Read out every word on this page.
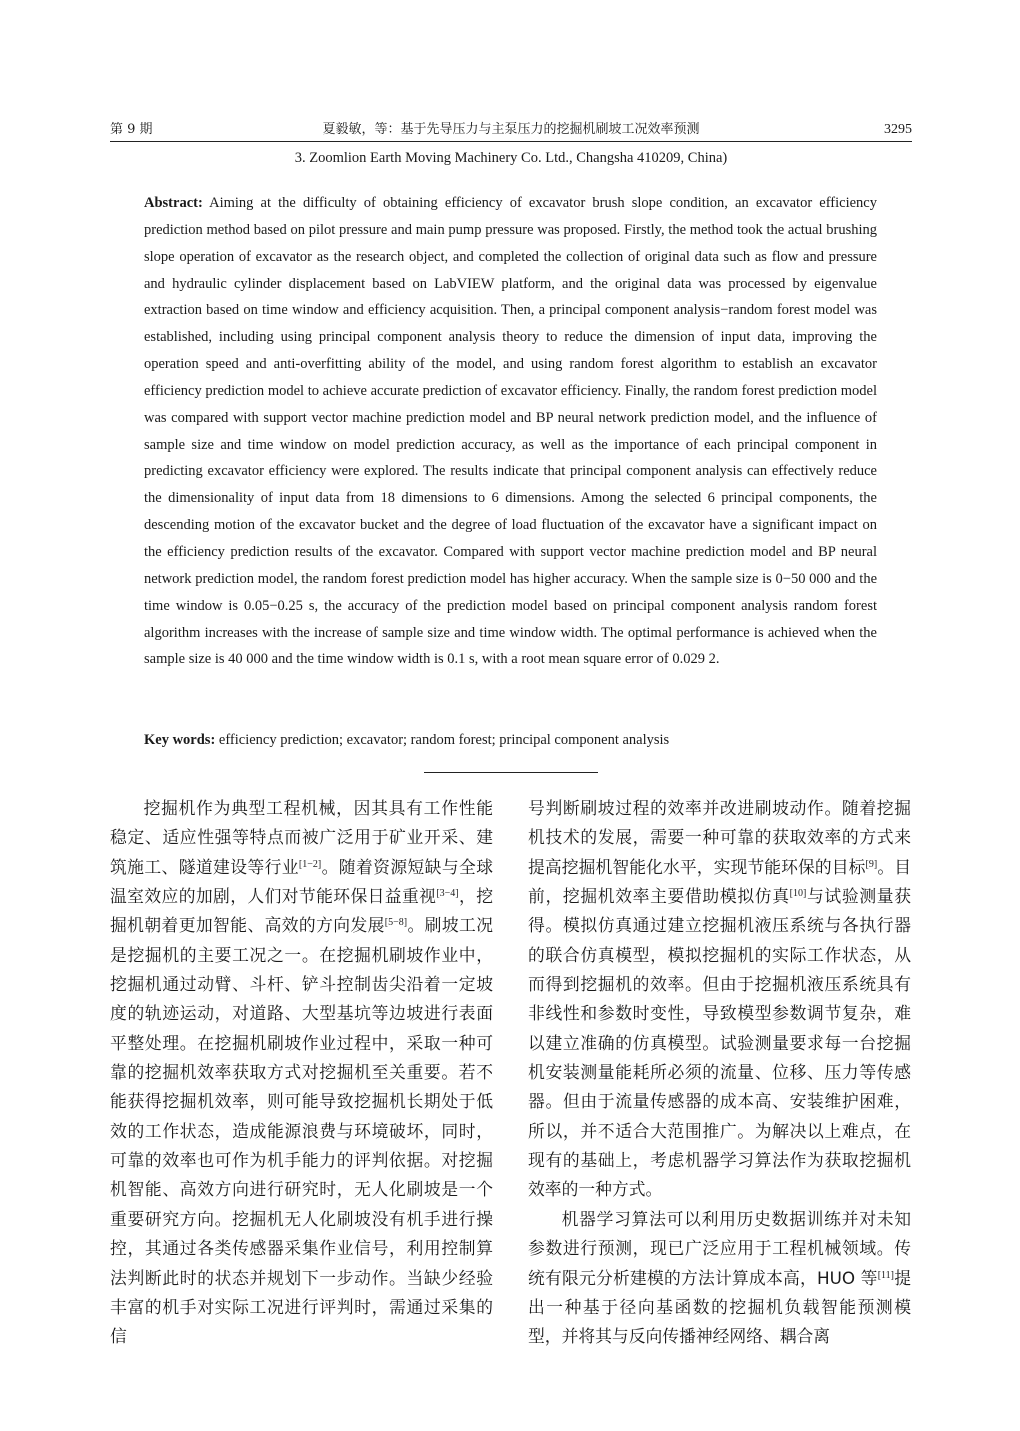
第 9 期	夏毅敏，等：基于先导压力与主泵压力的挖掘机刷坡工况效率预测	3295
3. Zoomlion Earth Moving Machinery Co. Ltd., Changsha 410209, China)

Abstract: Aiming at the difficulty of obtaining efficiency of excavator brush slope condition, an excavator efficiency prediction method based on pilot pressure and main pump pressure was proposed. Firstly, the method took the actual brushing slope operation of excavator as the research object, and completed the collection of original data such as flow and pressure and hydraulic cylinder displacement based on LabVIEW platform, and the original data was processed by eigenvalue extraction based on time window and efficiency acquisition. Then, a principal component analysis−random forest model was established, including using principal component analysis theory to reduce the dimension of input data, improving the operation speed and anti-overfitting ability of the model, and using random forest algorithm to establish an excavator efficiency prediction model to achieve accurate prediction of excavator efficiency. Finally, the random forest prediction model was compared with support vector machine prediction model and BP neural network prediction model, and the influence of sample size and time window on model prediction accuracy, as well as the importance of each principal component in predicting excavator efficiency were explored. The results indicate that principal component analysis can effectively reduce the dimensionality of input data from 18 dimensions to 6 dimensions. Among the selected 6 principal components, the descending motion of the excavator bucket and the degree of load fluctuation of the excavator have a significant impact on the efficiency prediction results of the excavator. Compared with support vector machine prediction model and BP neural network prediction model, the random forest prediction model has higher accuracy. When the sample size is 0−50 000 and the time window is 0.05−0.25 s, the accuracy of the prediction model based on principal component analysis random forest algorithm increases with the increase of sample size and time window width. The optimal performance is achieved when the sample size is 40 000 and the time window width is 0.1 s, with a root mean square error of 0.029 2.

Key words: efficiency prediction; excavator; random forest; principal component analysis

挖掘机作为典型工程机械，因其具有工作性能稳定、适应性强等特点而被广泛用于矿业开采、建筑施工、隧道建设等行业[1−2]。随着资源短缺与全球温室效应的加剧，人们对节能环保日益重视[3−4]，挖掘机朝着更加智能、高效的方向发展[5−8]。刷坡工况是挖掘机的主要工况之一。在挖掘机刷坡作业中，挖掘机通过动臂、斗杆、铲斗控制齿尖沿着一定坡度的轨迹运动，对道路、大型基坑等边坡进行表面平整处理。在挖掘机刷坡作业过程中，采取一种可靠的挖掘机效率获取方式对挖掘机至关重要。若不能获得挖掘机效率，则可能导致挖掘机长期处于低效的工作状态，造成能源浪费与环境破坏，同时，可靠的效率也可作为机手能力的评判依据。对挖掘机智能、高效方向进行研究时，无人化刷坡是一个重要研究方向。挖掘机无人化刷坡没有机手进行操控，其通过各类传感器采集作业信号，利用控制算法判断此时的状态并规划下一步动作。当缺少经验丰富的机手对实际工况进行评判时，需通过采集的信

号判断刷坡过程的效率并改进刷坡动作。随着挖掘机技术的发展，需要一种可靠的获取效率的方式来提高挖掘机智能化水平，实现节能环保的目标[9]。目前，挖掘机效率主要借助模拟仿真[10]与试验测量获得。模拟仿真通过建立挖掘机液压系统与各执行器的联合仿真模型，模拟挖掘机的实际工作状态，从而得到挖掘机的效率。但由于挖掘机液压系统具有非线性和参数时变性，导致模型参数调节复杂，难以建立准确的仿真模型。试验测量要求每一台挖掘机安装测量能耗所必须的流量、位移、压力等传感器。但由于流量传感器的成本高、安装维护困难，所以，并不适合大范围推广。为解决以上难点，在现有的基础上，考虑机器学习算法作为获取挖掘机效率的一种方式。

机器学习算法可以利用历史数据训练并对未知参数进行预测，现已广泛应用于工程机械领域。传统有限元分析建模的方法计算成本高，HUO 等[11]提出一种基于径向基函数的挖掘机负载智能预测模型，并将其与反向传播神经网络、耦合离
